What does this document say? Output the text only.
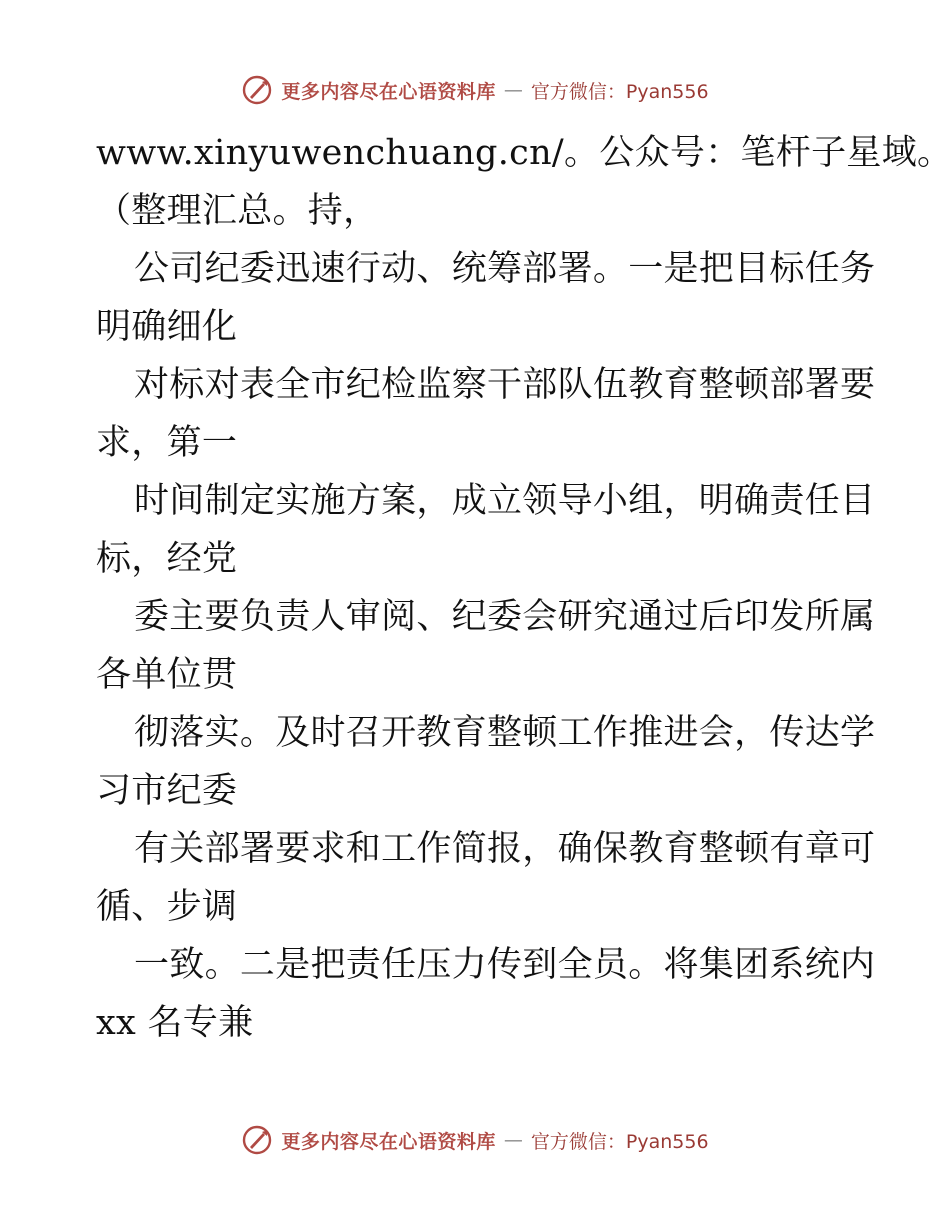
更多内容尽在心语资料库 — 官方微信：Pyan556
www.xinyuwenchuang.cn/。公众号：笔杆子星域。
（整理汇总。持，
公司纪委迅速行动、统筹部署。一是把目标任务
明确细化
对标对表全市纪检监察干部队伍教育整顿部署要
求，第一
时间制定实施方案，成立领导小组，明确责任目
标，经党
委主要负责人审阅、纪委会研究通过后印发所属
各单位贯
彻落实。及时召开教育整顿工作推进会，传达学
习市纪委
有关部署要求和工作简报，确保教育整顿有章可
循、步调
一致。二是把责任压力传到全员。将集团系统内
xx 名专兼
更多内容尽在心语资料库 — 官方微信：Pyan556
